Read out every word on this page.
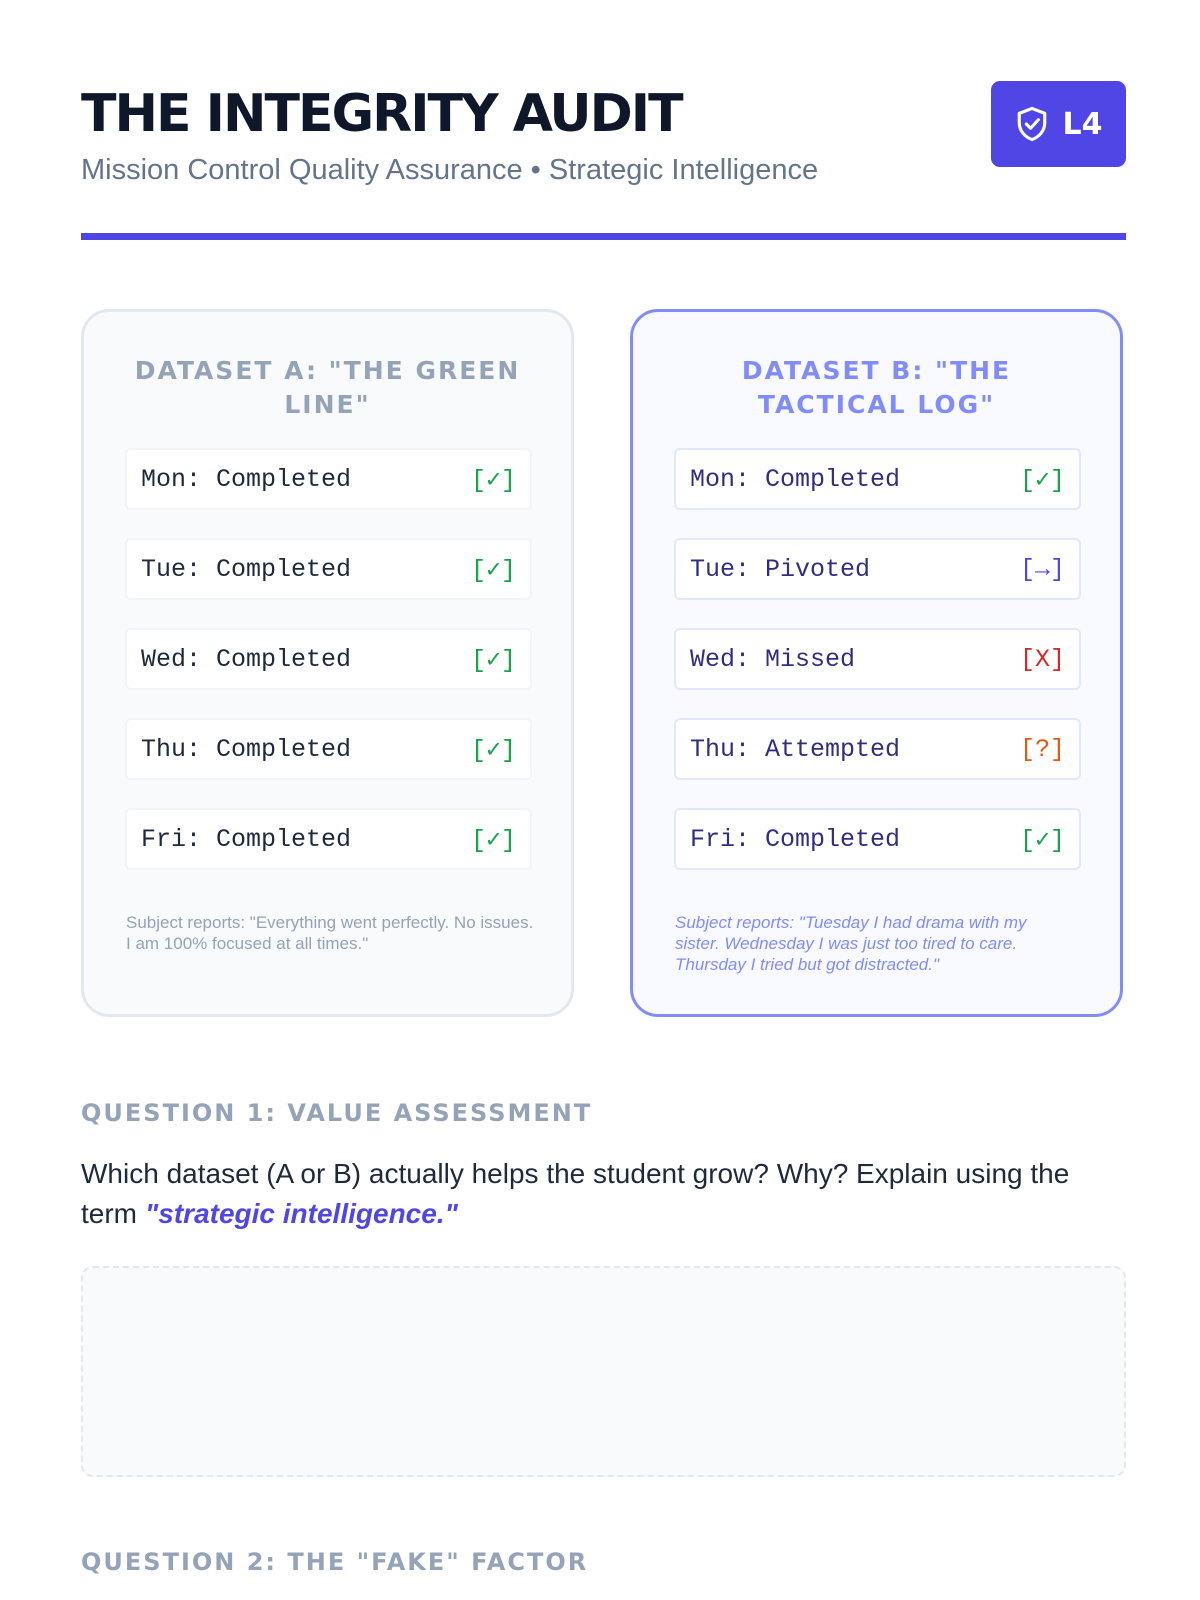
THE INTEGRITY AUDIT

Mission Control Quality Assurance • Strategic Intelligence

L4
DATASET A: "THE GREEN LINE"
Mon: Completed	[✓]
Tue: Completed	[✓]
Wed: Completed	[✓]
Thu: Completed	[✓]
Fri: Completed	[✓]

Subject reports: "Everything went perfectly. No issues. I am 100% focused at all times."

DATASET B: "THE TACTICAL LOG"
Mon: Completed	[✓]
Tue: Pivoted	[→]
Wed: Missed	[X]
Thu: Attempted	[?]
Fri: Completed	[✓]

Subject reports: "Tuesday I had drama with my sister. Wednesday I was just too tired to care. Thursday I tried but got distracted."

QUESTION 1: VALUE ASSESSMENT

Which dataset (A or B) actually helps the student grow? Why? Explain using the term "strategic intelligence."

QUESTION 2: THE "FAKE" FACTOR
